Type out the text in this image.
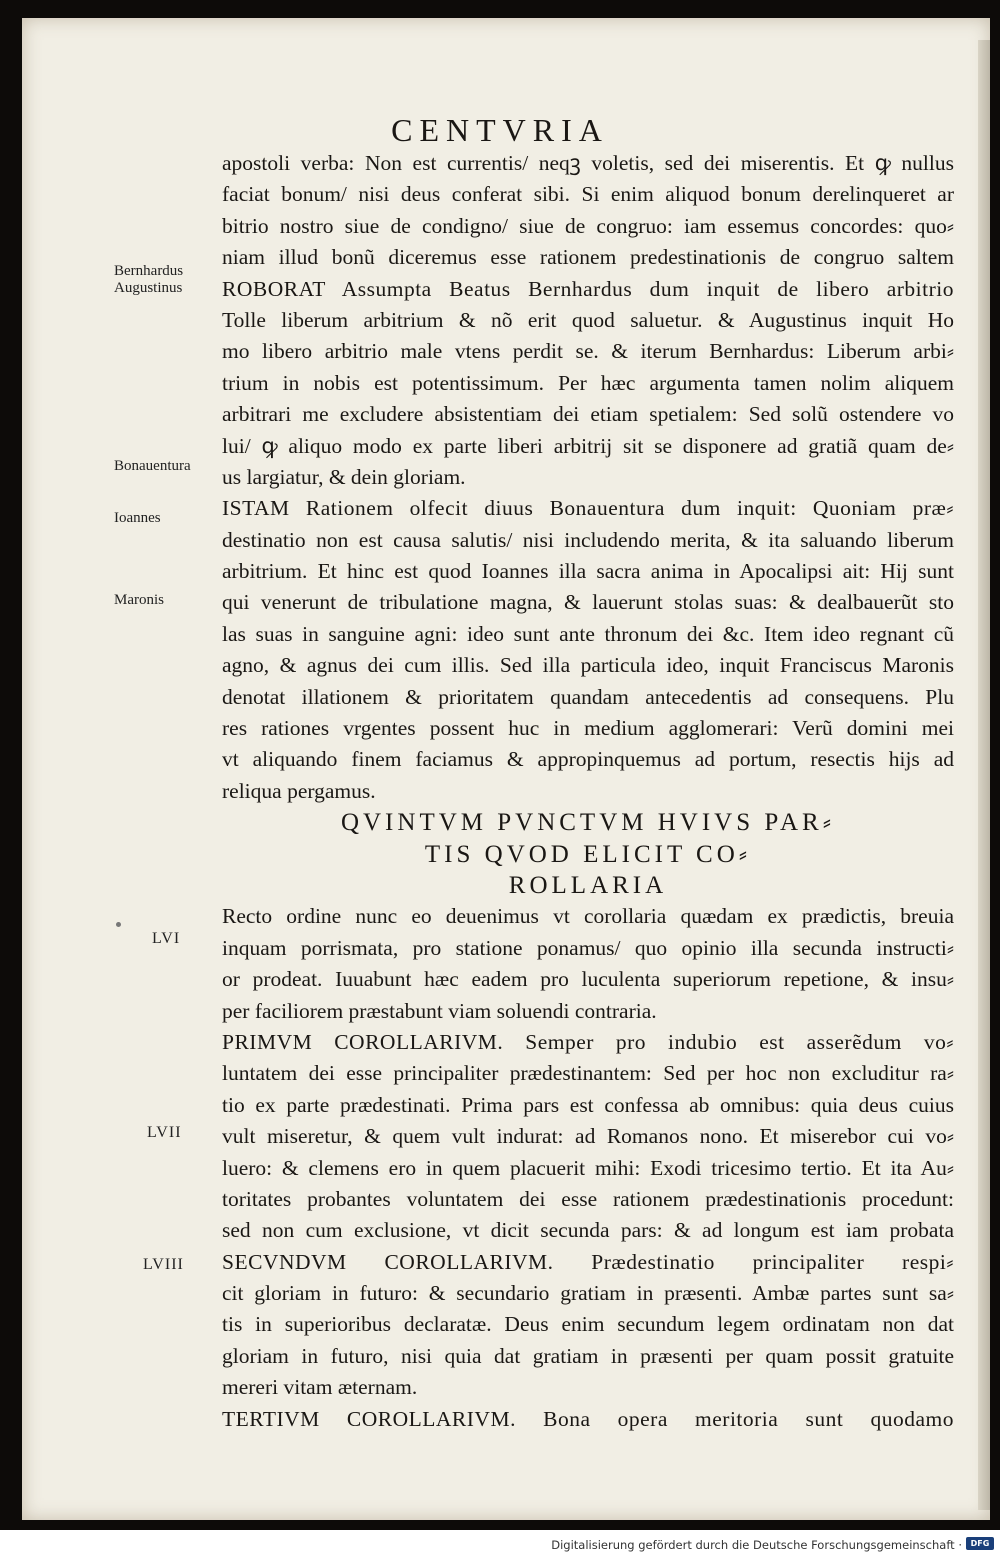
CENTVRIA
Bernhardus
Augustinus
Bonauentura
Ioannes
Maronis
LVI
LVII
LVIII
apostoli verba: Non est currentis/ neqꝫ voletis, sed dei miserentis. Et ꝙ nullus
faciat bonum/ nisi deus conferat sibi. Si enim aliquod bonum derelinqueret ar
bitrio nostro siue de condigno/ siue de congruo: iam essemus concordes: quo⸗
niam illud bonũ diceremus esse rationem predestinationis de congruo saltem
ROBORAT Assumpta Beatus Bernhardus dum inquit de libero arbitrio
Tolle liberum arbitrium & nõ erit quod saluetur. & Augustinus inquit Ho
mo libero arbitrio male vtens perdit se. & iterum Bernhardus: Liberum arbi⸗
trium in nobis est potentissimum. Per hæc argumenta tamen nolim aliquem
arbitrari me excludere absistentiam dei etiam spetialem: Sed solũ ostendere vo
lui/ ꝙ aliquo modo ex parte liberi arbitrij sit se disponere ad gratiã quam de⸗
us largiatur, & dein gloriam.
ISTAM Rationem olfecit diuus Bonauentura dum inquit: Quoniam præ⸗
destinatio non est causa salutis/ nisi includendo merita, & ita saluando liberum
arbitrium. Et hinc est quod Ioannes illa sacra anima in Apocalipsi ait: Hij sunt
qui venerunt de tribulatione magna, & lauerunt stolas suas: & dealbauerũt sto
las suas in sanguine agni: ideo sunt ante thronum dei &c. Item ideo regnant cũ
agno, & agnus dei cum illis. Sed illa particula ideo, inquit Franciscus Maronis
denotat illationem & prioritatem quandam antecedentis ad consequens. Plu
res rationes vrgentes possent huc in medium agglomerari: Verũ domini mei
vt aliquando finem faciamus & appropinquemus ad portum, resectis hijs ad
reliqua pergamus.
QVINTVM PVNCTVM HVIVS PAR⸗
TIS QVOD ELICIT CO⸗
ROLLARIA
Recto ordine nunc eo deuenimus vt corollaria quædam ex prædictis, breuia
inquam porrismata, pro statione ponamus/ quo opinio illa secunda instructi⸗
or prodeat. Iuuabunt hæc eadem pro luculenta superiorum repetione, & insu⸗
per faciliorem præstabunt viam soluendi contraria.
PRIMVM COROLLARIVM. Semper pro indubio est asserẽdum vo⸗
luntatem dei esse principaliter prædestinantem: Sed per hoc non excluditur ra⸗
tio ex parte prædestinati. Prima pars est confessa ab omnibus: quia deus cuius
vult miseretur, & quem vult indurat: ad Romanos nono. Et miserebor cui vo⸗
luero: & clemens ero in quem placuerit mihi: Exodi tricesimo tertio. Et ita Au⸗
toritates probantes voluntatem dei esse rationem prædestinationis procedunt:
sed non cum exclusione, vt dicit secunda pars: & ad longum est iam probata
SECVNDVM COROLLARIVM. Prædestinatio principaliter respi⸗
cit gloriam in futuro: & secundario gratiam in præsenti. Ambæ partes sunt sa⸗
tis in superioribus declaratæ. Deus enim secundum legem ordinatam non dat
gloriam in futuro, nisi quia dat gratiam in præsenti per quam possit gratuite
mereri vitam æternam.
TERTIVM COROLLARIVM. Bona opera meritoria sunt quodamo
Digitalisierung gefördert durch die Deutsche Forschungsgemeinschaft ·	DFG
